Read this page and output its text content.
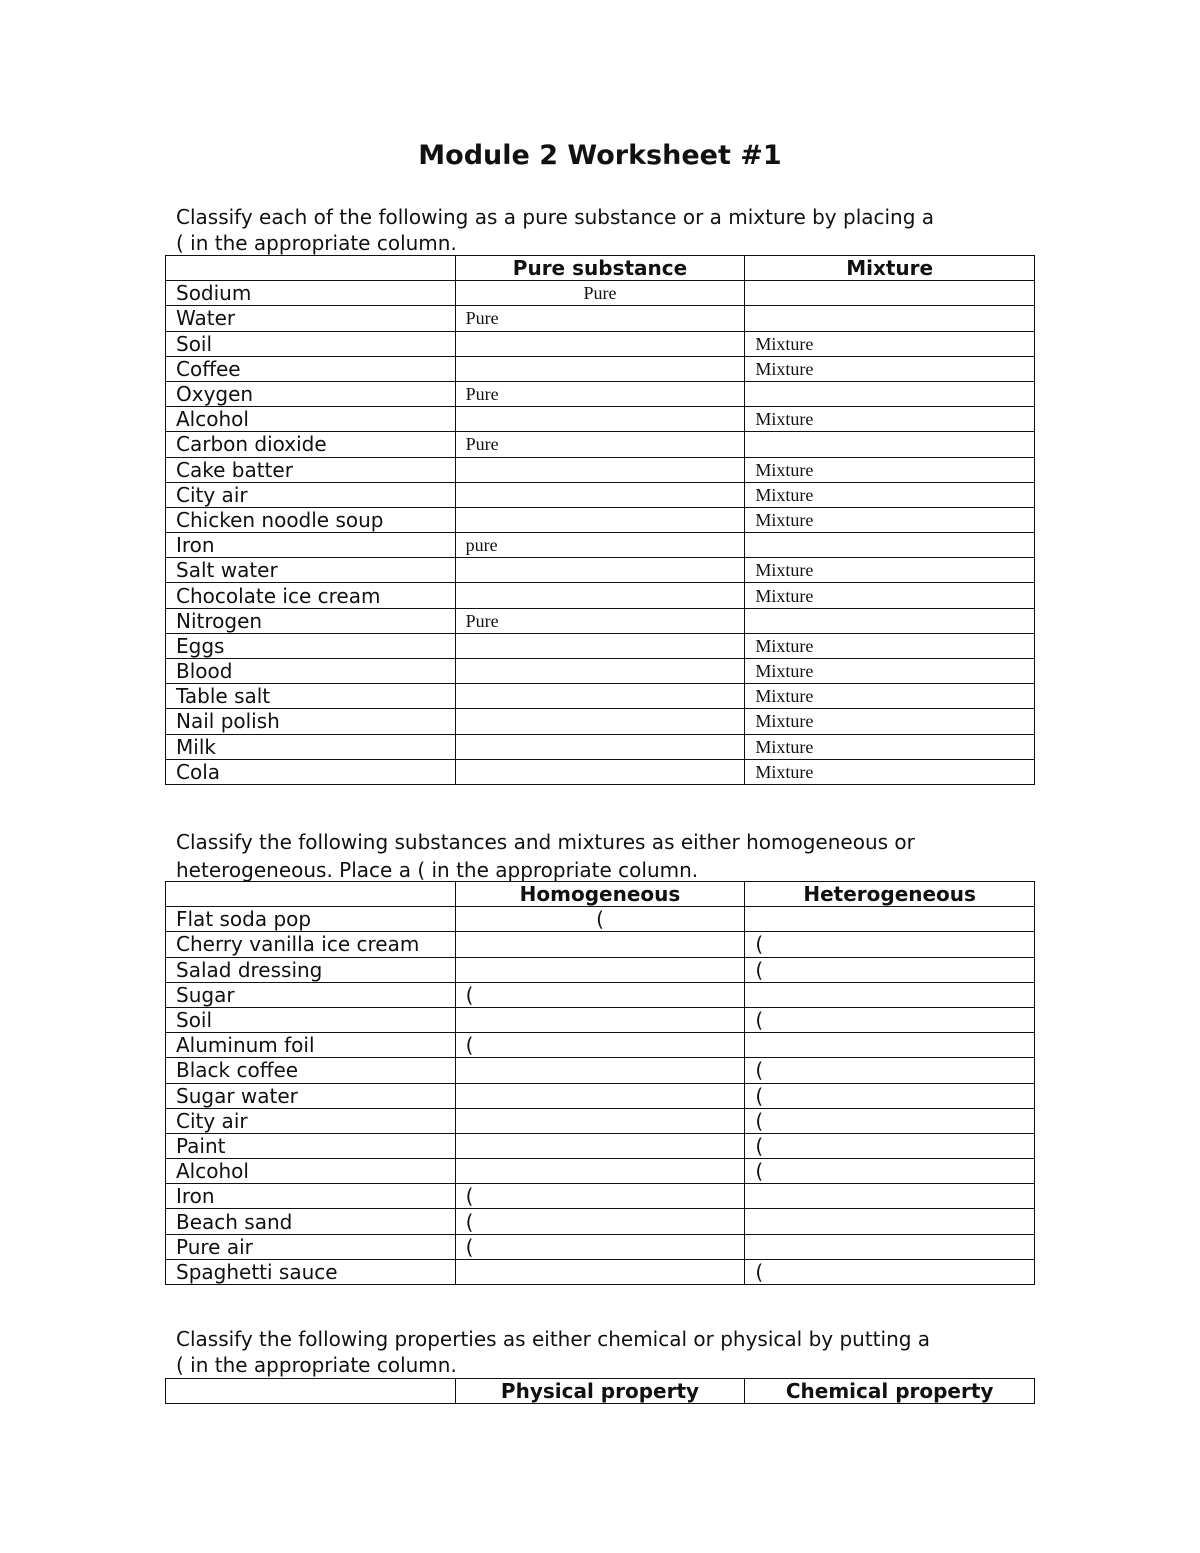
Module 2 Worksheet #1
Classify each of the following as a pure substance or a mixture by placing a
( in the appropriate column.
	Pure substance	Mixture
Sodium	Pure	
Water	Pure	
Soil		Mixture
Coffee		Mixture
Oxygen	Pure	
Alcohol		Mixture
Carbon dioxide	Pure	
Cake batter		Mixture
City air		Mixture
Chicken noodle soup		Mixture
Iron	pure	
Salt water		Mixture
Chocolate ice cream		Mixture
Nitrogen	Pure	
Eggs		Mixture
Blood		Mixture
Table salt		Mixture
Nail polish		Mixture
Milk		Mixture
Cola		Mixture
Classify the following substances and mixtures as either homogeneous or
heterogeneous. Place a ( in the appropriate column.
	Homogeneous	Heterogeneous
Flat soda pop	(	
Cherry vanilla ice cream		(
Salad dressing		(
Sugar	(	
Soil		(
Aluminum foil	(	
Black coffee		(
Sugar water		(
City air		(
Paint		(
Alcohol		(
Iron	(	
Beach sand	(	
Pure air	(	
Spaghetti sauce		(
Classify the following properties as either chemical or physical by putting a
( in the appropriate column.
	Physical property	Chemical property
